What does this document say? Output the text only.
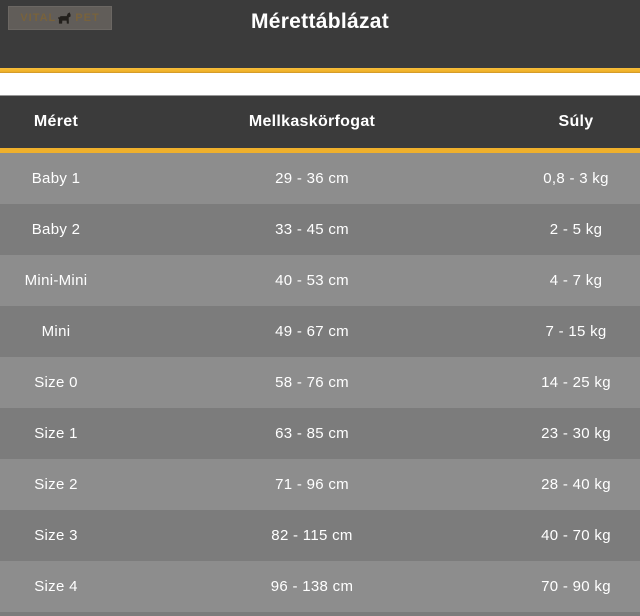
VITAL PET	Mérettáblázat
Méret	Mellkaskörfogat	Súly
Baby 1	29 - 36 cm	0,8 - 3 kg
Baby 2	33 - 45 cm	2 - 5 kg
Mini-Mini	40 - 53 cm	4 - 7 kg
Mini	49 - 67 cm	7 - 15 kg
Size 0	58 - 76 cm	14 - 25 kg
Size 1	63 - 85 cm	23 - 30 kg
Size 2	71 - 96 cm	28 - 40 kg
Size 3	82 - 115 cm	40 - 70 kg
Size 4	96 - 138 cm	70 - 90 kg
